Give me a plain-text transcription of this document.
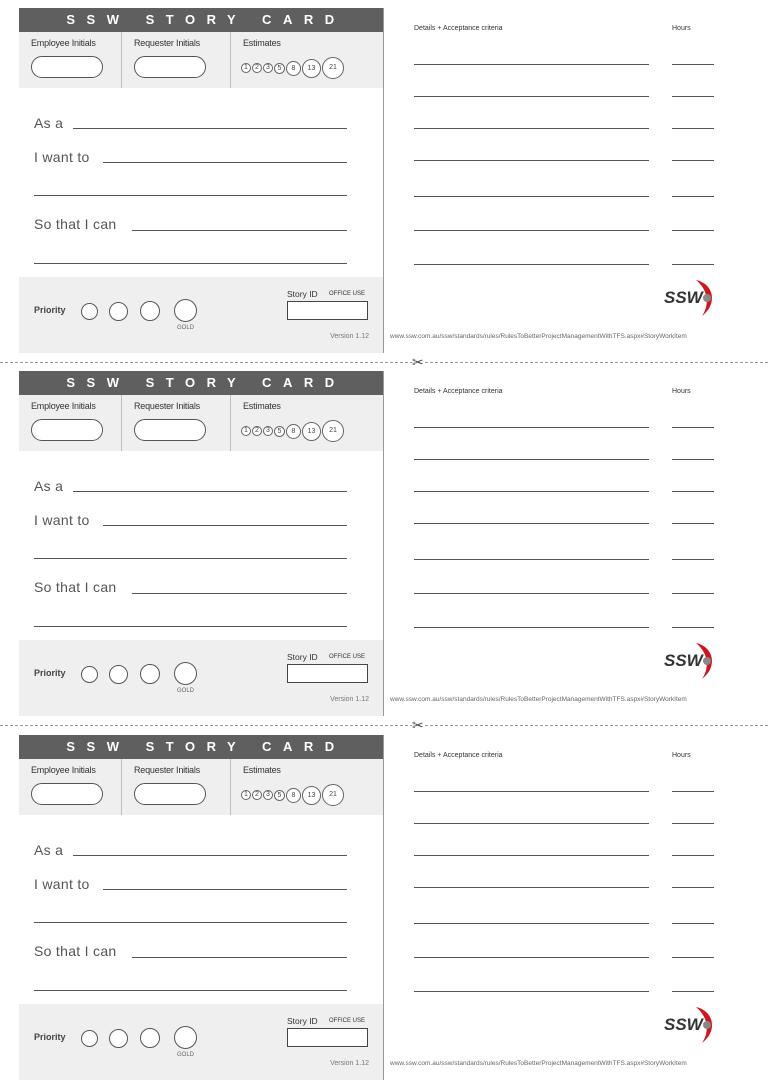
SSW STORY CARD
Employee Initials	Requester Initials	Estimates
1	2	3	5	8	13	21
As a
I want to
So that I can
Priority
GOLD
Story ID OFFICE USE
Version 1.12
Details + Acceptance criteria	Hours
SSW
www.ssw.com.au/ssw/standards/rules/RulesToBetterProjectManagementWithTFS.aspx#StoryWorkItem
SSW STORY CARD
Employee Initials	Requester Initials	Estimates
1	2	3	5	8	13	21
As a
I want to
So that I can
Priority
GOLD
Story ID OFFICE USE
Version 1.12
Details + Acceptance criteria	Hours
SSW
www.ssw.com.au/ssw/standards/rules/RulesToBetterProjectManagementWithTFS.aspx#StoryWorkItem
SSW STORY CARD
Employee Initials	Requester Initials	Estimates
1	2	3	5	8	13	21
As a
I want to
So that I can
Priority
GOLD
Story ID OFFICE USE
Version 1.12
Details + Acceptance criteria	Hours
SSW
www.ssw.com.au/ssw/standards/rules/RulesToBetterProjectManagementWithTFS.aspx#StoryWorkItem
✂
✂
